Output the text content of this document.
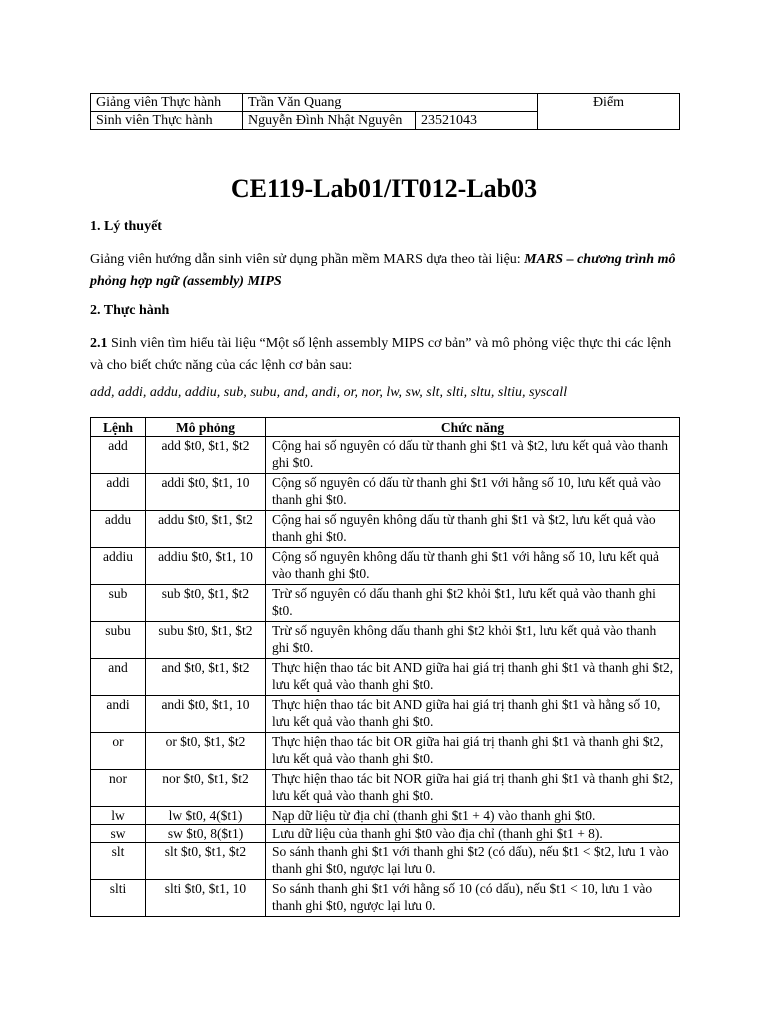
Giảng viên Thực hành	Trần Văn Quang		Điểm
Sinh viên Thực hành	Nguyễn Đình Nhật Nguyên	23521043	
CE119-Lab01/IT012-Lab03
1. Lý thuyết
Giảng viên hướng dẫn sinh viên sử dụng phần mềm MARS dựa theo tài liệu: MARS – chương trình mô phỏng hợp ngữ (assembly) MIPS
2. Thực hành
2.1 Sinh viên tìm hiểu tài liệu “Một số lệnh assembly MIPS cơ bản” và mô phỏng việc thực thi các lệnh và cho biết chức năng của các lệnh cơ bản sau:
add, addi, addu, addiu, sub, subu, and, andi, or, nor, lw, sw, slt, slti, sltu, sltiu, syscall
Lệnh	Mô phỏng	Chức năng
add	add $t0, $t1, $t2	Cộng hai số nguyên có dấu từ thanh ghi $t1 và $t2, lưu kết quả vào thanh ghi $t0.
addi	addi $t0, $t1, 10	Cộng số nguyên có dấu từ thanh ghi $t1 với hằng số 10, lưu kết quả vào thanh ghi $t0.
addu	addu $t0, $t1, $t2	Cộng hai số nguyên không dấu từ thanh ghi $t1 và $t2, lưu kết quả vào thanh ghi $t0.
addiu	addiu $t0, $t1, 10	Cộng số nguyên không dấu từ thanh ghi $t1 với hằng số 10, lưu kết quả vào thanh ghi $t0.
sub	sub $t0, $t1, $t2	Trừ số nguyên có dấu thanh ghi $t2 khỏi $t1, lưu kết quả vào thanh ghi $t0.
subu	subu $t0, $t1, $t2	Trừ số nguyên không dấu thanh ghi $t2 khỏi $t1, lưu kết quả vào thanh ghi $t0.
and	and $t0, $t1, $t2	Thực hiện thao tác bit AND giữa hai giá trị thanh ghi $t1 và thanh ghi $t2, lưu kết quả vào thanh ghi $t0.
andi	andi $t0, $t1, 10	Thực hiện thao tác bit AND giữa hai giá trị thanh ghi $t1 và hằng số 10, lưu kết quả vào thanh ghi $t0.
or	or $t0, $t1, $t2	Thực hiện thao tác bit OR giữa hai giá trị thanh ghi $t1 và thanh ghi $t2, lưu kết quả vào thanh ghi $t0.
nor	nor $t0, $t1, $t2	Thực hiện thao tác bit NOR giữa hai giá trị thanh ghi $t1 và thanh ghi $t2, lưu kết quả vào thanh ghi $t0.
lw	lw $t0, 4($t1)	Nạp dữ liệu từ địa chỉ (thanh ghi $t1 + 4) vào thanh ghi $t0.
sw	sw $t0, 8($t1)	Lưu dữ liệu của thanh ghi $t0 vào địa chỉ (thanh ghi $t1 + 8).
slt	slt $t0, $t1, $t2	So sánh thanh ghi $t1 với thanh ghi $t2 (có dấu), nếu $t1 < $t2, lưu 1 vào thanh ghi $t0, ngược lại lưu 0.
slti	slti $t0, $t1, 10	So sánh thanh ghi $t1 với hằng số 10 (có dấu), nếu $t1 < 10, lưu 1 vào thanh ghi $t0, ngược lại lưu 0.
